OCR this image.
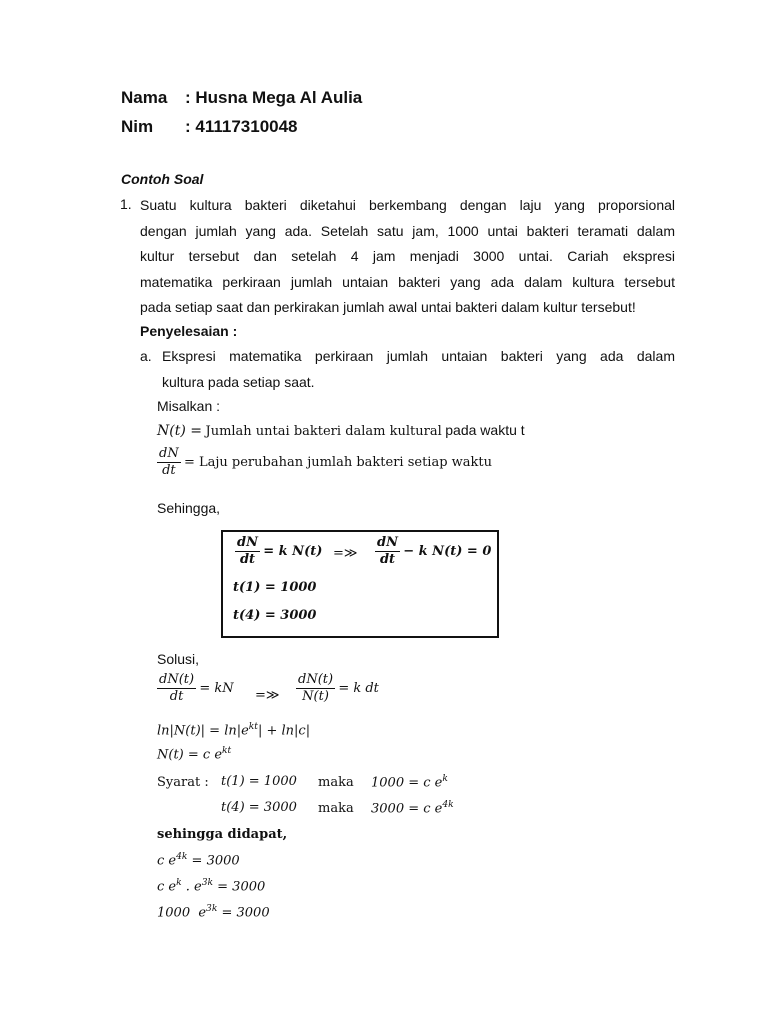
Nama : Husna Mega Al Aulia
Nim : 41117310048
Contoh Soal
1. Suatu kultura bakteri diketahui berkembang dengan laju yang proporsional
dengan jumlah yang ada. Setelah satu jam, 1000 untai bakteri teramati dalam
kultur tersebut dan setelah 4 jam menjadi 3000 untai. Cariah ekspresi
matematika perkiraan jumlah untaian bakteri yang ada dalam kultura tersebut
pada setiap saat dan perkirakan jumlah awal untai bakteri dalam kultur tersebut!
Penyelesaian :
a. Ekspresi matematika perkiraan jumlah untaian bakteri yang ada dalam
kultura pada setiap saat.
Misalkan :
N(t) = Jumlah untai bakteri dalam kultural pada waktu t
$\frac{dN}{dt}$ = Laju perubahan jumlah bakteri setiap waktu
Sehingga,
$\frac{dN}{dt} = k$ N(t) =≫ $\frac{dN}{dt} - k$ N(t) = 0
t(1) = 1000
t(4) = 3000
Solusi,
$\frac{dN(t)}{dt}$ = kN =≫ $\frac{dN(t)}{N(t)} = k$ dt
$\ln|N(t)| = \ln|e^{kt}| + \ln|c|$
N(t) = c $e^{kt}$
Syarat : t(1) = 1000 maka 1000 = c $e^k$
t(4) = 3000 maka 3000 = c $e^{4k}$
sehingga didapat,
c $e^{4k} = 3000$
c $e^k$ . $e^{3k} = 3000$
1000  $e^{3k} = 3000$
